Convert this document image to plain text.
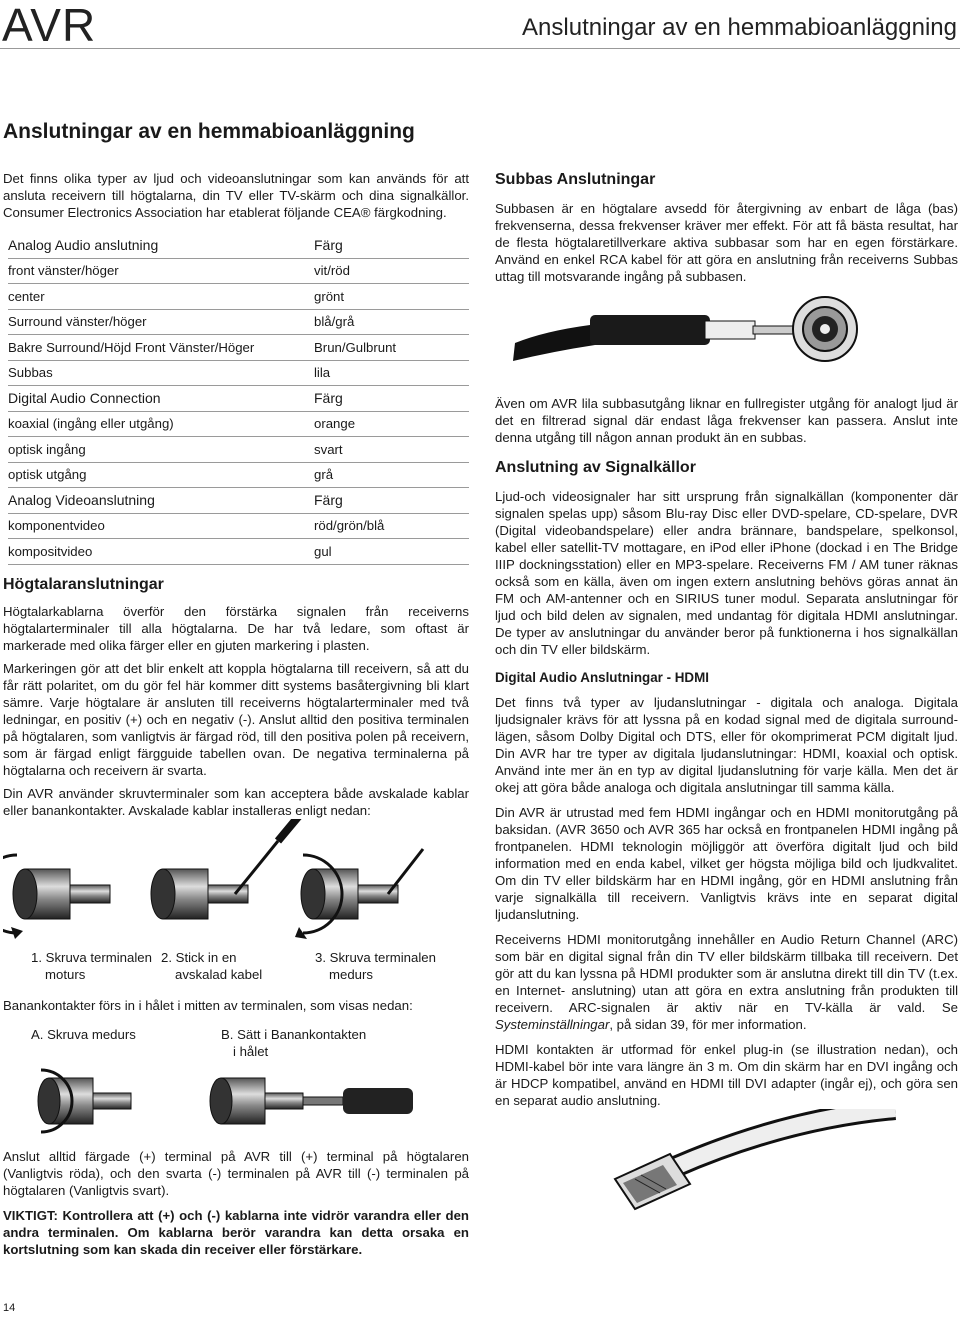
AVR	Anslutningar av en hemmabioanläggning
Anslutningar av en hemmabioanläggning

Det finns olika typer av ljud och videoanslutningar som kan används för att ansluta receivern till högtalarna, din TV eller TV-skärm och dina signalkällor. Consumer Electronics Association har etablerat följande CEA® färgkodning.

Analog Audio anslutning	Färg
front vänster/höger	vit/röd
center	grönt
Surround vänster/höger	blå/grå
Bakre Surround/Höjd Front Vänster/Höger	Brun/Gulbrunt
Subbas	lila
Digital Audio Connection	Färg
koaxial (ingång eller utgång)	orange
optisk ingång	svart
optisk utgång	grå
Analog Videoanslutning	Färg
komponentvideo	röd/grön/blå
kompositvideo	gul
Högtalaranslutningar

Högtalarkablarna överför den förstärka signalen från receiverns högtalarterminaler till alla högtalarna. De har två ledare, som oftast är markerade med olika färger eller en gjuten markering i plasten.

Markeringen gör att det blir enkelt att koppla högtalarna till receivern, så att du får rätt polaritet, om du gör fel här kommer ditt systems basåtergivning bli klart sämre. Varje högtalare är ansluten till receiverns högtalarterminaler med två ledningar, en positiv (+) och en negativ (-). Anslut alltid den positiva terminalen på högtalaren, som vanligtvis är färgad röd, till den positiva polen på receivern, som är färgad enligt färgguide tabellen ovan. De negativa terminalerna på högtalarna och receivern är svarta.

Din AVR använder skruvterminaler som kan acceptera både avskalade kablar eller banankontakter. Avskalade kablar installeras enligt nedan:

1. Skruva terminalen
moturs
2. Stick in en
avskalad kabel
3. Skruva terminalen
medurs

Banankontakter förs in i hålet i mitten av terminalen, som visas nedan:

A. Skruva medurs	B. Sätt i Banankontakten
i hålet

Anslut alltid färgade (+) terminal på AVR till (+) terminal på högtalaren (Vanligtvis röda), och den svarta (-) terminalen på AVR till (-) terminalen på högtalaren (Vanligtvis svart).

VIKTIGT: Kontrollera att (+) och (-) kablarna inte vidrör varandra eller den andra terminalen. Om kablarna berör varandra kan detta orsaka en kortslutning som kan skada din receiver eller förstärkare.

Subbas Anslutningar

Subbasen är en högtalare avsedd för återgivning av enbart de låga (bas) frekvenserna, dessa frekvenser kräver mer effekt. För att få bästa resultat, har de flesta högtalaretillverkare aktiva subbasar som har en egen förstärkare. Använd en enkel RCA kabel för att göra en anslutning från receiverns Subbas uttag till motsvarande ingång på subbasen.

Även om AVR lila subbasutgång liknar en fullregister utgång för analogt ljud är det en filtrerad signal där endast låga frekvenser kan passera. Anslut inte denna utgång till någon annan produkt än en subbas.

Anslutning av Signalkällor

Ljud-och videosignaler har sitt ursprung från signalkällan (komponenter där signalen spelas upp) såsom Blu-ray Disc eller DVD-spelare, CD-spelare, DVR (Digital videobandspelare) eller andra brännare, bandspelare, spelkonsol, kabel eller satellit-TV mottagare, en iPod eller iPhone (dockad i en The Bridge IIIP dockningsstation) eller en MP3-spelare. Receiverns FM / AM tuner räknas också som en källa, även om ingen extern anslutning behövs göras annat än FM och AM-antenner och en SIRIUS tuner modul. Separata anslutningar för ljud och bild delen av signalen, med undantag för digitala HDMI anslutningar. De typer av anslutningar du använder beror på funktionerna i hos signalkällan och din TV eller bildskärm.

Digital Audio Anslutningar - HDMI

Det finns två typer av ljudanslutningar - digitala och analoga. Digitala ljudsignaler krävs för att lyssna på en kodad signal med de digitala surround-lägen, såsom Dolby Digital och DTS, eller för okomprimerat PCM digitalt ljud. Din AVR har tre typer av digitala ljudanslutningar: HDMI, koaxial och optisk. Använd inte mer än en typ av digital ljudanslutning för varje källa. Men det är okej att göra både analoga och digitala anslutningar till samma källa.

Din AVR är utrustad med fem HDMI ingångar och en HDMI monitorutgång på baksidan. (AVR 3650 och AVR 365 har också en frontpanelen HDMI ingång på frontpanelen. HDMI teknologin möjliggör att överföra digitalt ljud och bild information med en enda kabel, vilket ger högsta möjliga bild och ljudkvalitet. Om din TV eller bildskärm har en HDMI ingång, gör en HDMI anslutning från varje signalkälla till receivern. Vanligtvis krävs inte en separat digital ljudanslutning.

Receiverns HDMI monitorutgång innehåller en Audio Return Channel (ARC) som bär en digital signal från din TV eller bildskärm tillbaka till receivern. Det gör att du kan lyssna på HDMI produkter som är anslutna direkt till din TV (t.ex. en Internet- anslutning) utan att göra en extra anslutning från produkten till receivern. ARC-signalen är aktiv när en TV-källa är vald. Se Systeminställningar, på sidan 39, för mer information.

HDMI kontakten är utformad för enkel plug-in (se illustration nedan), och HDMI-kabel bör inte vara längre än 3 m. Om din skärm har en DVI ingång och är HDCP kompatibel, använd en HDMI till DVI adapter (ingår ej), och göra sen en separat audio anslutning.

14
